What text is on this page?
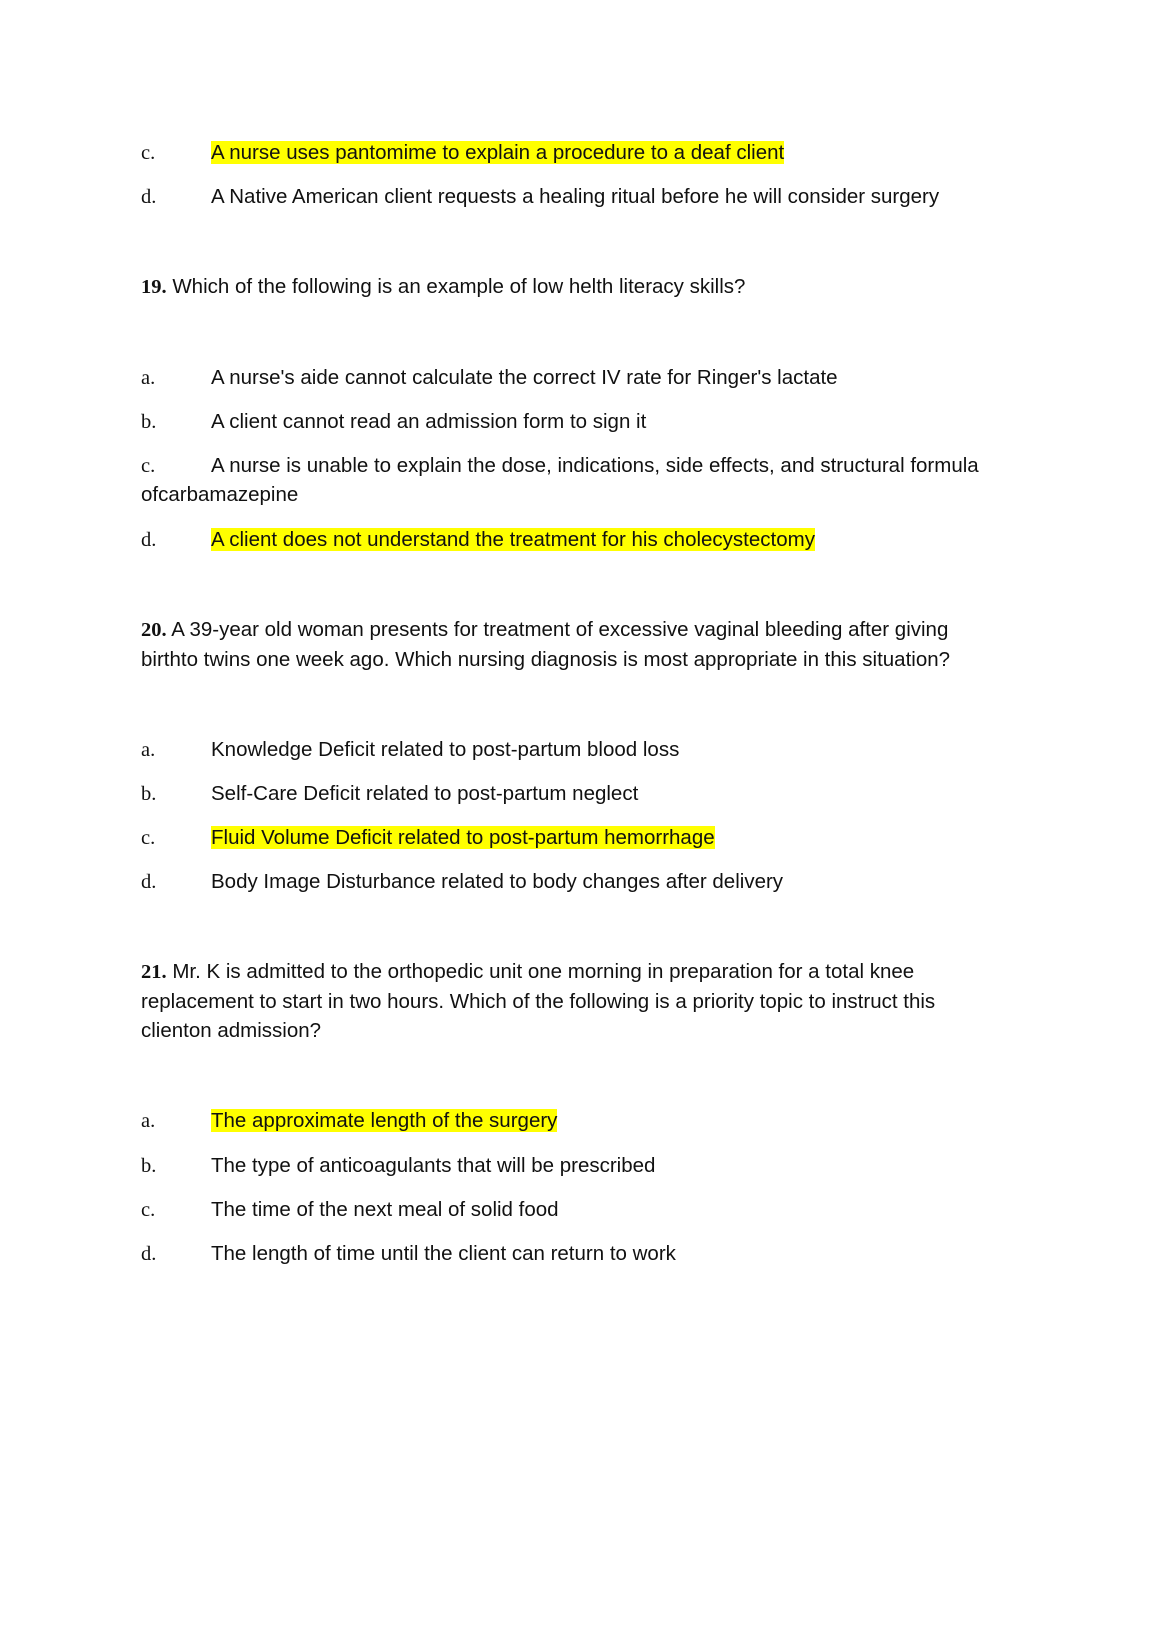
c.	A nurse uses pantomime to explain a procedure to a deaf client
d.	A Native American client requests a healing ritual before he will consider surgery
19. Which of the following is an example of low helth literacy skills?
a.	A nurse's aide cannot calculate the correct IV rate for Ringer's lactate
b.	A client cannot read an admission form to sign it
c.	A nurse is unable to explain the dose, indications, side effects, and structural formula
ofcarbamazepine
d.	A client does not understand the treatment for his cholecystectomy
20. A 39-year old woman presents for treatment of excessive vaginal bleeding after giving
birthto twins one week ago. Which nursing diagnosis is most appropriate in this situation?
a.	Knowledge Deficit related to post-partum blood loss
b.	Self-Care Deficit related to post-partum neglect
c.	Fluid Volume Deficit related to post-partum hemorrhage
d.	Body Image Disturbance related to body changes after delivery
21. Mr. K is admitted to the orthopedic unit one morning in preparation for a total knee
replacement to start in two hours. Which of the following is a priority topic to instruct this
clienton admission?
a.	The approximate length of the surgery
b.	The type of anticoagulants that will be prescribed
c.	The time of the next meal of solid food
d.	The length of time until the client can return to work
